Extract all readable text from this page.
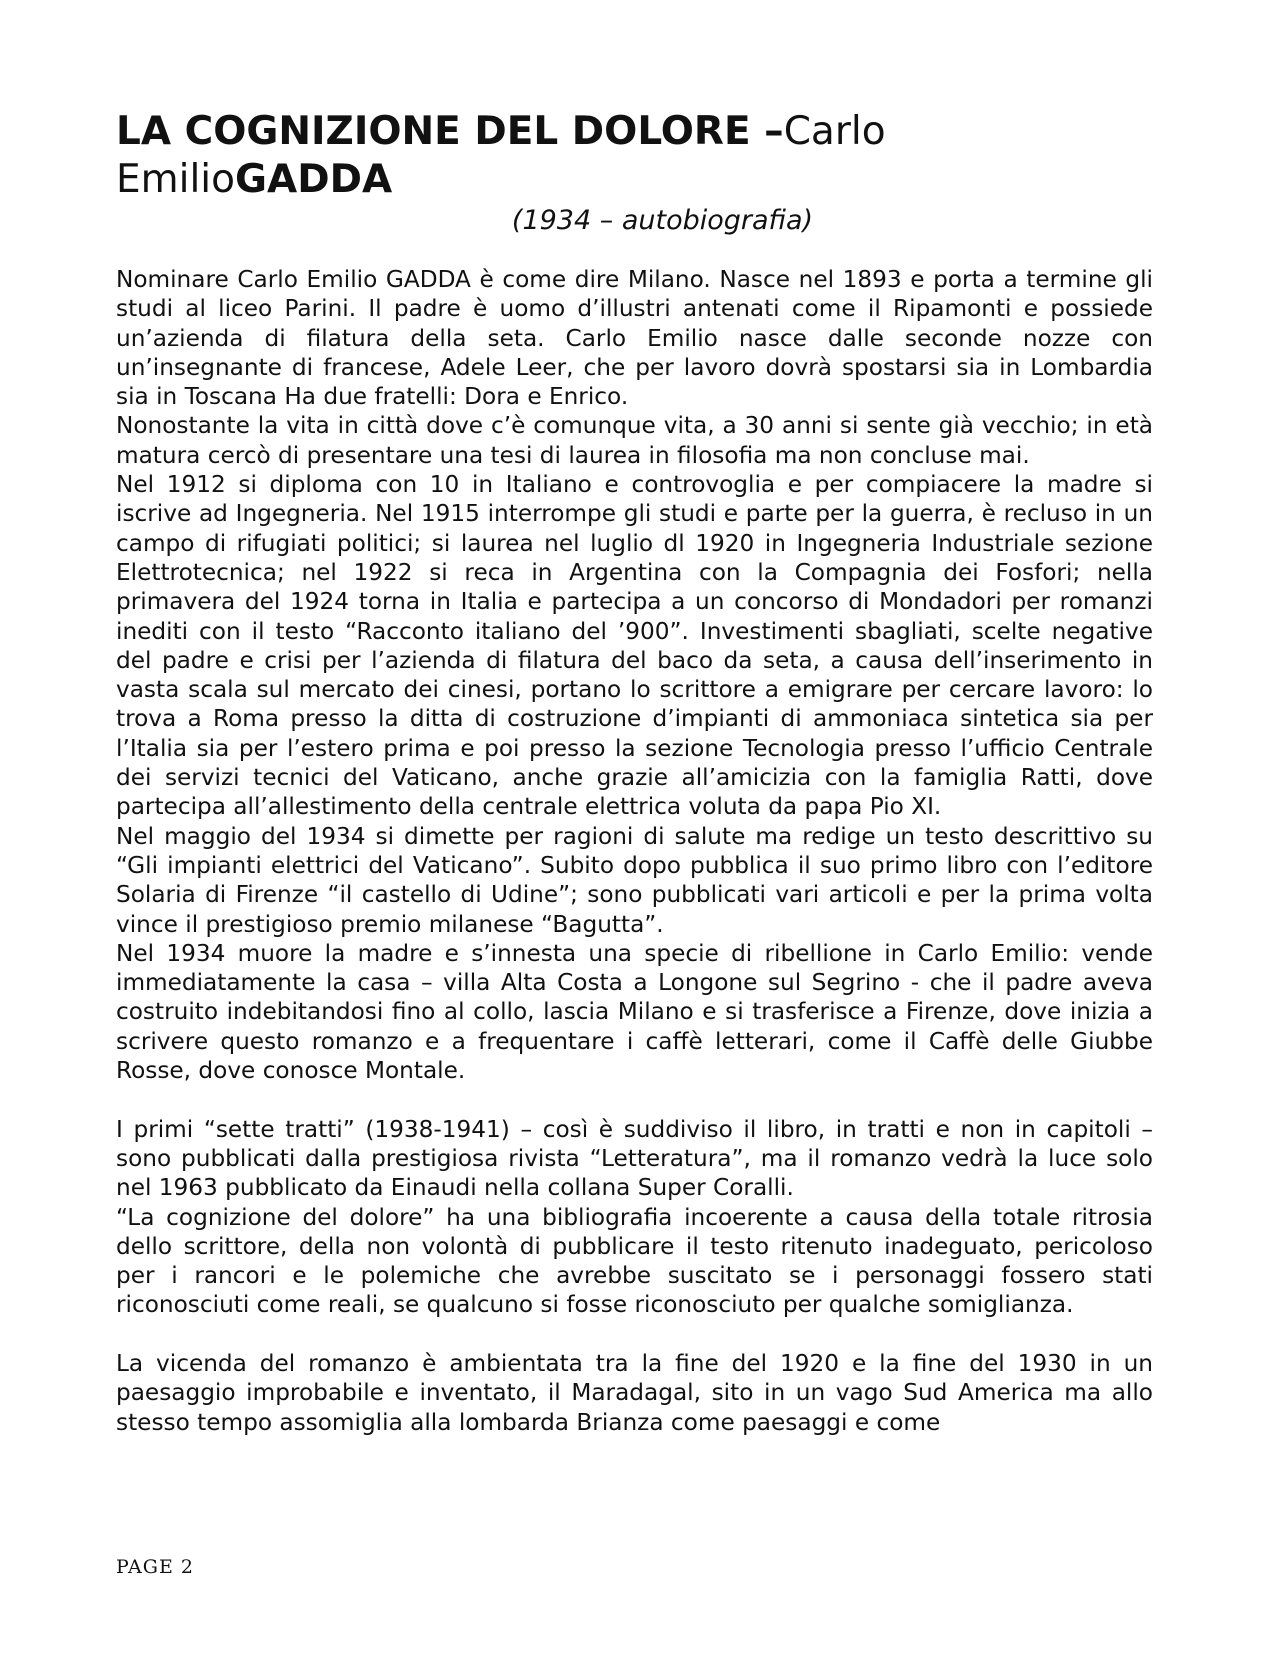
LA COGNIZIONE DEL DOLORE –Carlo EmilioGADDA

(1934 – autobiografia)

Nominare Carlo Emilio GADDA è come dire Milano. Nasce nel 1893 e porta a termine gli studi al liceo Parini. Il padre è uomo d’illustri antenati come il Ripamonti e possiede un’azienda di filatura della seta. Carlo Emilio nasce dalle seconde nozze con un’insegnante di francese, Adele Leer, che per lavoro dovrà spostarsi sia in Lombardia sia in Toscana Ha due fratelli: Dora e Enrico.

Nonostante la vita in città dove c’è comunque vita, a 30 anni si sente già vecchio; in età matura cercò di presentare una tesi di laurea in filosofia ma non concluse mai.

Nel 1912 si diploma con 10 in Italiano e controvoglia e per compiacere la madre si iscrive ad Ingegneria. Nel 1915 interrompe gli studi e parte per la guerra, è recluso in un campo di rifugiati politici; si laurea nel luglio dl 1920 in Ingegneria Industriale sezione Elettrotecnica; nel 1922 si reca in Argentina con la Compagnia dei Fosfori; nella primavera del 1924 torna in Italia e partecipa a un concorso di Mondadori per romanzi inediti con il testo “Racconto italiano del ’900”. Investimenti sbagliati, scelte negative del padre e crisi per l’azienda di filatura del baco da seta, a causa dell’inserimento in vasta scala sul mercato dei cinesi, portano lo scrittore a emigrare per cercare lavoro: lo trova a Roma presso la ditta di costruzione d’impianti di ammoniaca sintetica sia per l’Italia sia per l’estero prima e poi presso la sezione Tecnologia presso l’ufficio Centrale dei servizi tecnici del Vaticano, anche grazie all’amicizia con la famiglia Ratti, dove partecipa all’allestimento della centrale elettrica voluta da papa Pio XI.

Nel maggio del 1934 si dimette per ragioni di salute ma redige un testo descrittivo su “Gli impianti elettrici del Vaticano”. Subito dopo pubblica il suo primo libro con l’editore Solaria di Firenze “il castello di Udine”; sono pubblicati vari articoli e per la prima volta vince il prestigioso premio milanese “Bagutta”.

Nel 1934 muore la madre e s’innesta una specie di ribellione in Carlo Emilio: vende immediatamente la casa – villa Alta Costa a Longone sul Segrino - che il padre aveva costruito indebitandosi fino al collo, lascia Milano e si trasferisce a Firenze, dove inizia a scrivere questo romanzo e a frequentare i caffè letterari, come il Caffè delle Giubbe Rosse, dove conosce Montale.

I primi “sette tratti” (1938-1941) – così è suddiviso il libro, in tratti e non in capitoli – sono pubblicati dalla prestigiosa rivista “Letteratura”, ma il romanzo vedrà la luce solo nel 1963 pubblicato da Einaudi nella collana Super Coralli.

“La cognizione del dolore” ha una bibliografia incoerente a causa della totale ritrosia dello scrittore, della non volontà di pubblicare il testo ritenuto inadeguato, pericoloso per i rancori e le polemiche che avrebbe suscitato se i personaggi fossero stati riconosciuti come reali, se qualcuno si fosse riconosciuto per qualche somiglianza.

La vicenda del romanzo è ambientata tra la fine del 1920 e la fine del 1930 in un paesaggio improbabile e inventato, il Maradagal, sito in un vago Sud America ma allo stesso tempo assomiglia alla lombarda Brianza come paesaggi e come

PAGE 2
